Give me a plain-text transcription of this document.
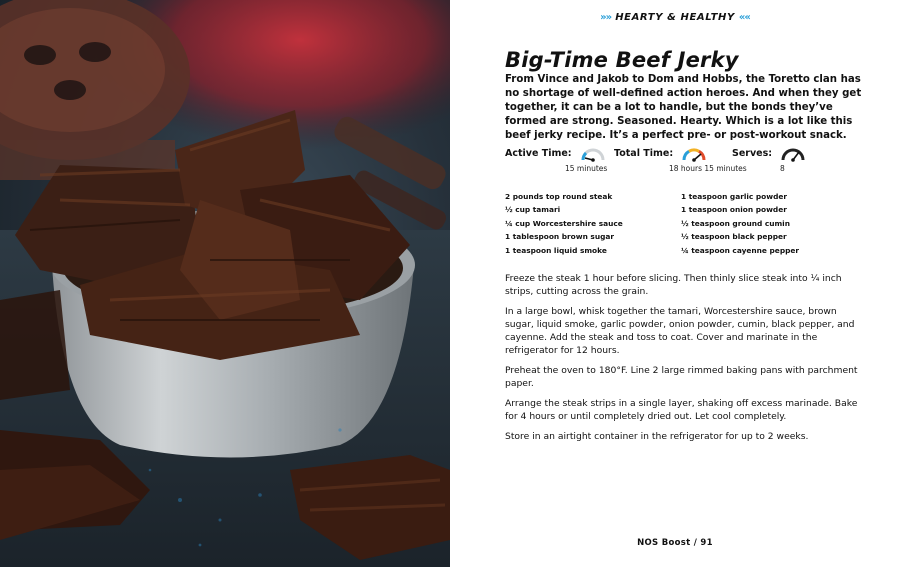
»» HEARTY & HEALTHY ««
Big-Time Beef Jerky
From Vince and Jakob to Dom and Hobbs, the Toretto clan has no shortage of well-defined action heroes. And when they get together, it can be a lot to handle, but the bonds they’ve formed are strong. Seasoned. Hearty. Which is a lot like this beef jerky recipe. It’s a perfect pre- or post-workout snack.
Active Time:
15 minutes
Total Time:
18 hours 15 minutes
Serves:
8
2 pounds top round steak
½ cup tamari
¼ cup Worcestershire sauce
1 tablespoon brown sugar
1 teaspoon liquid smoke
1 teaspoon garlic powder
1 teaspoon onion powder
½ teaspoon ground cumin
½ teaspoon black pepper
¼ teaspoon cayenne pepper

Freeze the steak 1 hour before slicing. Then thinly slice steak into ¼ inch strips, cutting across the grain.

In a large bowl, whisk together the tamari, Worcestershire sauce, brown sugar, liquid smoke, garlic powder, onion powder, cumin, black pepper, and cayenne. Add the steak and toss to coat. Cover and marinate in the refrigerator for 12 hours.

Preheat the oven to 180°F. Line 2 large rimmed baking pans with parchment paper.

Arrange the steak strips in a single layer, shaking off excess marinade. Bake for 4 hours or until completely dried out. Let cool completely.

Store in an airtight container in the refrigerator for up to 2 weeks.

NOS Boost / 91
